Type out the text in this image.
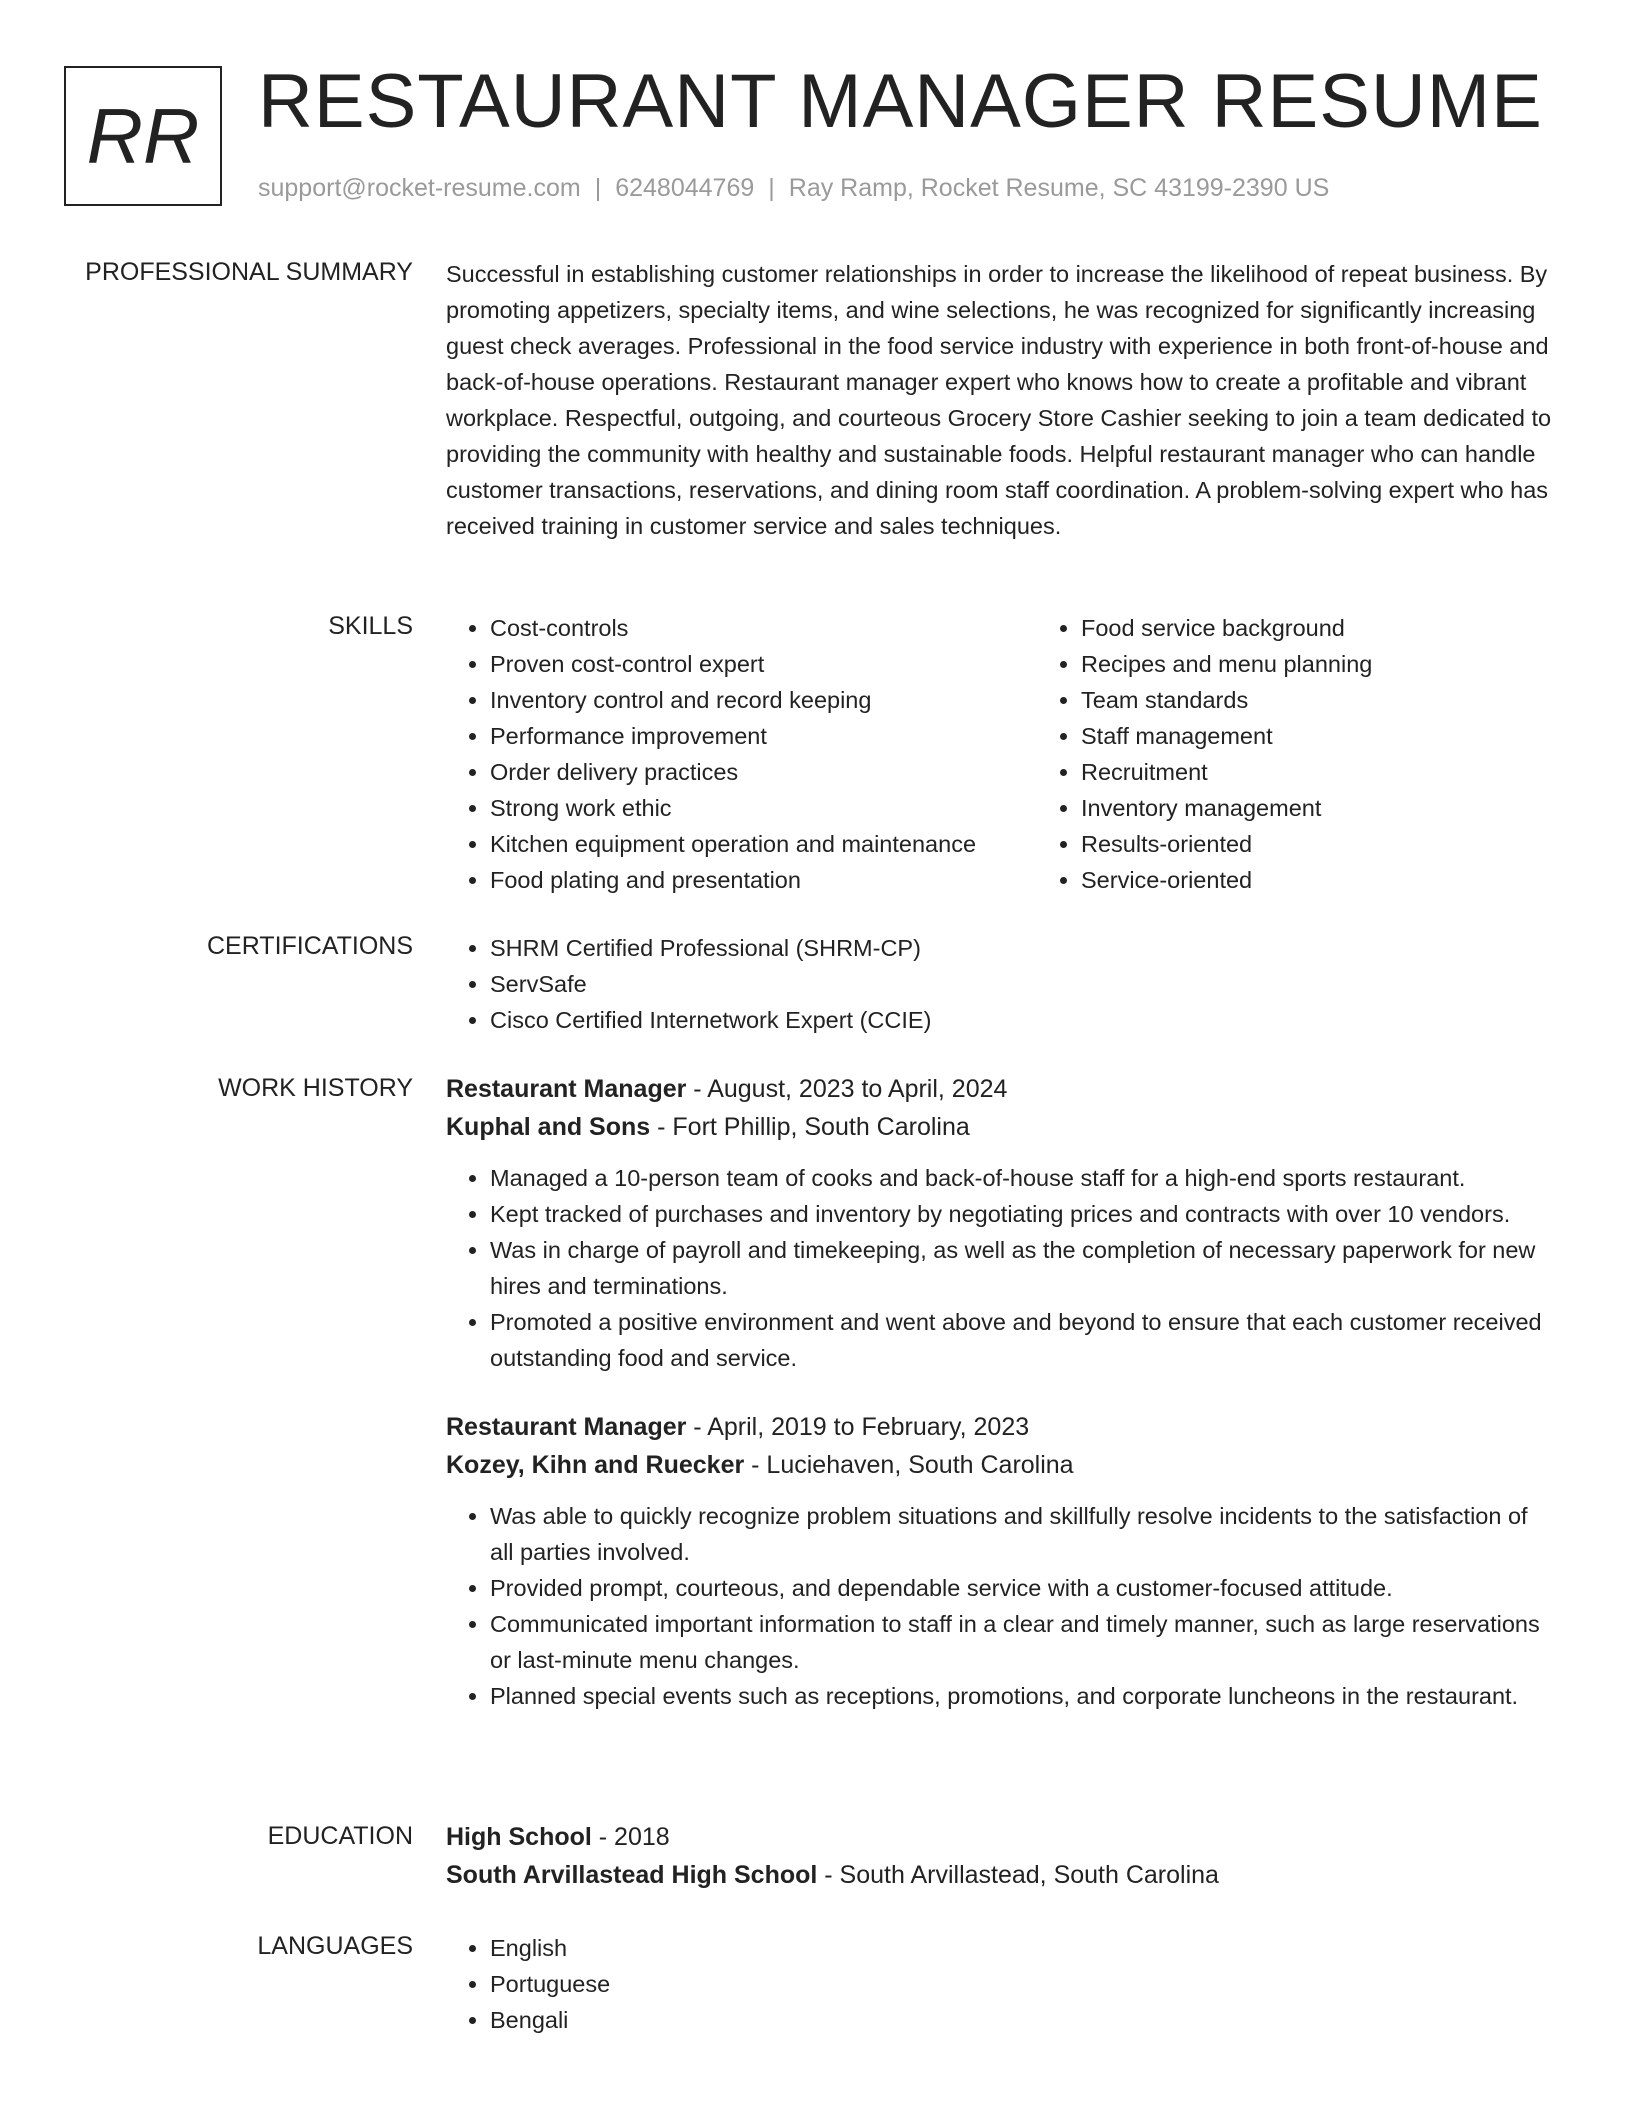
RR RESTAURANT MANAGER RESUME
support@rocket-resume.com | 6248044769 | Ray Ramp, Rocket Resume, SC 43199-2390 US
PROFESSIONAL SUMMARY Successful in establishing customer relationships in order to increase the likelihood of repeat business. By promoting appetizers, specialty items, and wine selections, he was recognized for significantly increasing guest check averages. Professional in the food service industry with experience in both front-of-house and back-of-house operations. Restaurant manager expert who knows how to create a profitable and vibrant workplace. Respectful, outgoing, and courteous Grocery Store Cashier seeking to join a team dedicated to providing the community with healthy and sustainable foods. Helpful restaurant manager who can handle customer transactions, reservations, and dining room staff coordination. A problem-solving expert who has received training in customer service and sales techniques.

SKILLS	• Cost-controls
• Proven cost-control expert
• Inventory control and record keeping
• Performance improvement
• Order delivery practices
• Strong work ethic
• Kitchen equipment operation and maintenance
• Food plating and presentation
• Food service background
• Recipes and menu planning
• Team standards
• Staff management
• Recruitment
• Inventory management
• Results-oriented
• Service-oriented
CERTIFICATIONS	• SHRM Certified Professional (SHRM-CP)
• ServSafe
• Cisco Certified Internetwork Expert (CCIE)
WORK HISTORY Restaurant Manager - August, 2023 to April, 2024
Kuphal and Sons - Fort Phillip, South Carolina
• Managed a 10-person team of cooks and back-of-house staff for a high-end sports restaurant.
• Kept tracked of purchases and inventory by negotiating prices and contracts with over 10 vendors.
• Was in charge of payroll and timekeeping, as well as the completion of necessary paperwork for new hires and terminations.
• Promoted a positive environment and went above and beyond to ensure that each customer received outstanding food and service.
Restaurant Manager - April, 2019 to February, 2023
Kozey, Kihn and Ruecker - Luciehaven, South Carolina
• Was able to quickly recognize problem situations and skillfully resolve incidents to the satisfaction of all parties involved.
• Provided prompt, courteous, and dependable service with a customer-focused attitude.
• Communicated important information to staff in a clear and timely manner, such as large reservations or last-minute menu changes.
• Planned special events such as receptions, promotions, and corporate luncheons in the restaurant.
EDUCATION High School - 2018
South Arvillastead High School - South Arvillastead, South Carolina
LANGUAGES	• English
• Portuguese
• Bengali
